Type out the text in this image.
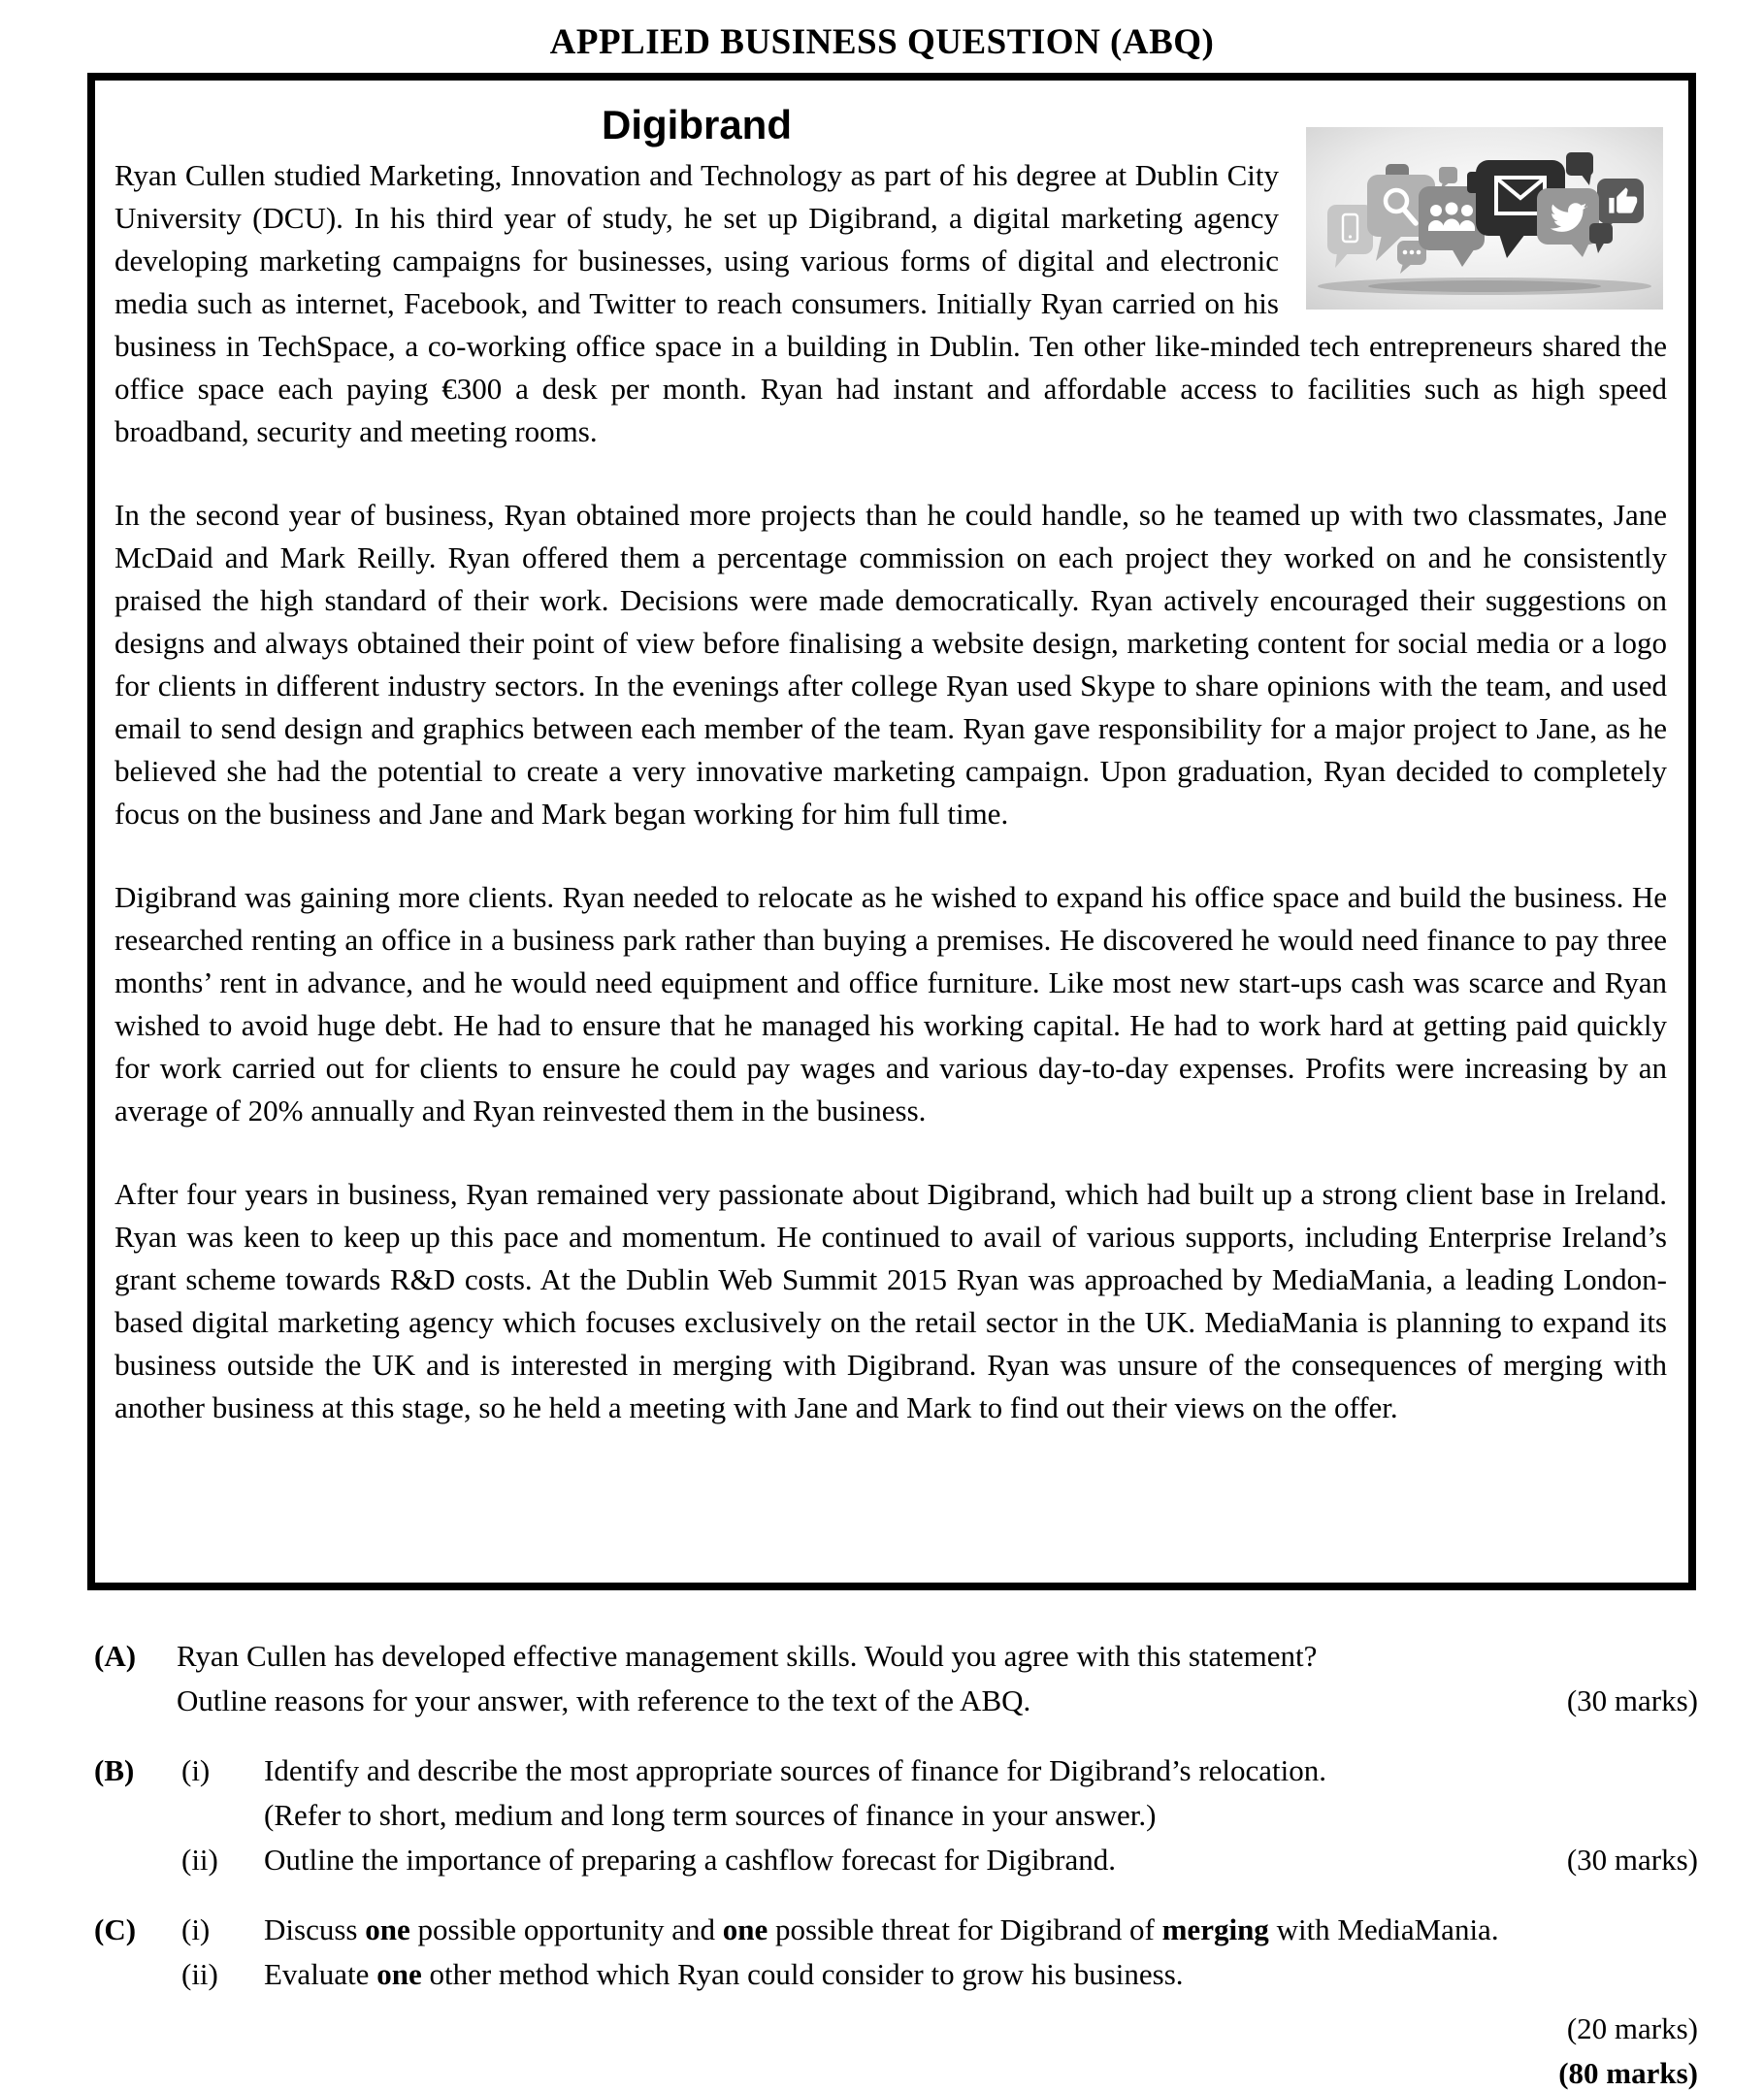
APPLIED BUSINESS QUESTION (ABQ)
Digibrand

Ryan Cullen studied Marketing, Innovation and Technology as part of his degree at Dublin City University (DCU). In his third year of study, he set up Digibrand, a digital marketing agency developing marketing campaigns for businesses, using various forms of digital and electronic media such as internet, Facebook, and Twitter to reach consumers. Initially Ryan carried on his business in TechSpace, a co-working office space in a building in Dublin. Ten other like-minded tech entrepreneurs shared the office space each paying €300 a desk per month. Ryan had instant and affordable access to facilities such as high speed broadband, security and meeting rooms.

In the second year of business, Ryan obtained more projects than he could handle, so he teamed up with two classmates, Jane McDaid and Mark Reilly. Ryan offered them a percentage commission on each project they worked on and he consistently praised the high standard of their work. Decisions were made democratically. Ryan actively encouraged their suggestions on designs and always obtained their point of view before finalising a website design, marketing content for social media or a logo for clients in different industry sectors. In the evenings after college Ryan used Skype to share opinions with the team, and used email to send design and graphics between each member of the team. Ryan gave responsibility for a major project to Jane, as he believed she had the potential to create a very innovative marketing campaign. Upon graduation, Ryan decided to completely focus on the business and Jane and Mark began working for him full time.

Digibrand was gaining more clients. Ryan needed to relocate as he wished to expand his office space and build the business. He researched renting an office in a business park rather than buying a premises. He discovered he would need finance to pay three months’ rent in advance, and he would need equipment and office furniture. Like most new start-ups cash was scarce and Ryan wished to avoid huge debt. He had to ensure that he managed his working capital. He had to work hard at getting paid quickly for work carried out for clients to ensure he could pay wages and various day-to-day expenses. Profits were increasing by an average of 20% annually and Ryan reinvested them in the business.

After four years in business, Ryan remained very passionate about Digibrand, which had built up a strong client base in Ireland. Ryan was keen to keep up this pace and momentum. He continued to avail of various supports, including Enterprise Ireland’s grant scheme towards R&D costs. At the Dublin Web Summit 2015 Ryan was approached by MediaMania, a leading London-based digital marketing agency which focuses exclusively on the retail sector in the UK. MediaMania is planning to expand its business outside the UK and is interested in merging with Digibrand. Ryan was unsure of the consequences of merging with another business at this stage, so he held a meeting with Jane and Mark to find out their views on the offer.

(A)	Ryan Cullen has developed effective management skills. Would you agree with this statement?
Outline reasons for your answer, with reference to the text of the ABQ.	(30 marks)
(B)	(i)	Identify and describe the most appropriate sources of finance for Digibrand’s relocation.
(Refer to short, medium and long term sources of finance in your answer.)
(ii)	Outline the importance of preparing a cashflow forecast for Digibrand.	(30 marks)
(C)	(i)	Discuss one possible opportunity and one possible threat for Digibrand of merging with MediaMania.
(ii)	Evaluate one other method which Ryan could consider to grow his business.
(20 marks)
(80 marks)
